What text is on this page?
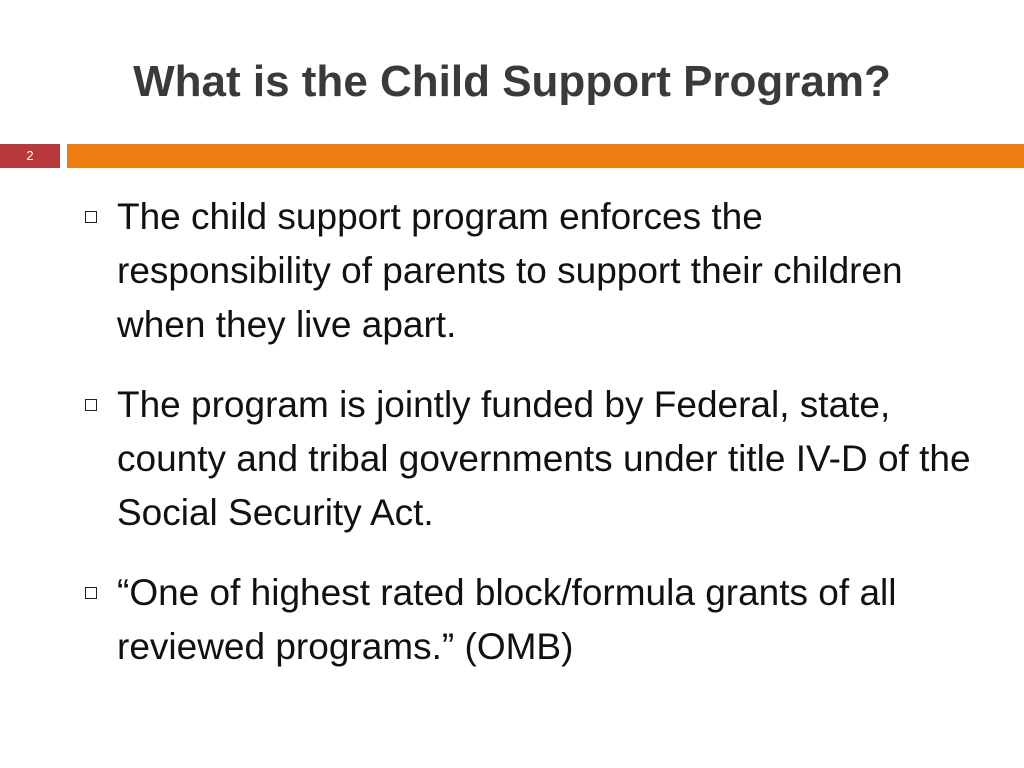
What is the Child Support Program?
2
The child support program enforces the responsibility of parents to support their children when they live apart.
The program is jointly funded by Federal, state, county and tribal governments under title IV-D of the Social Security Act.
“One of highest rated block/formula grants of all reviewed programs.” (OMB)
